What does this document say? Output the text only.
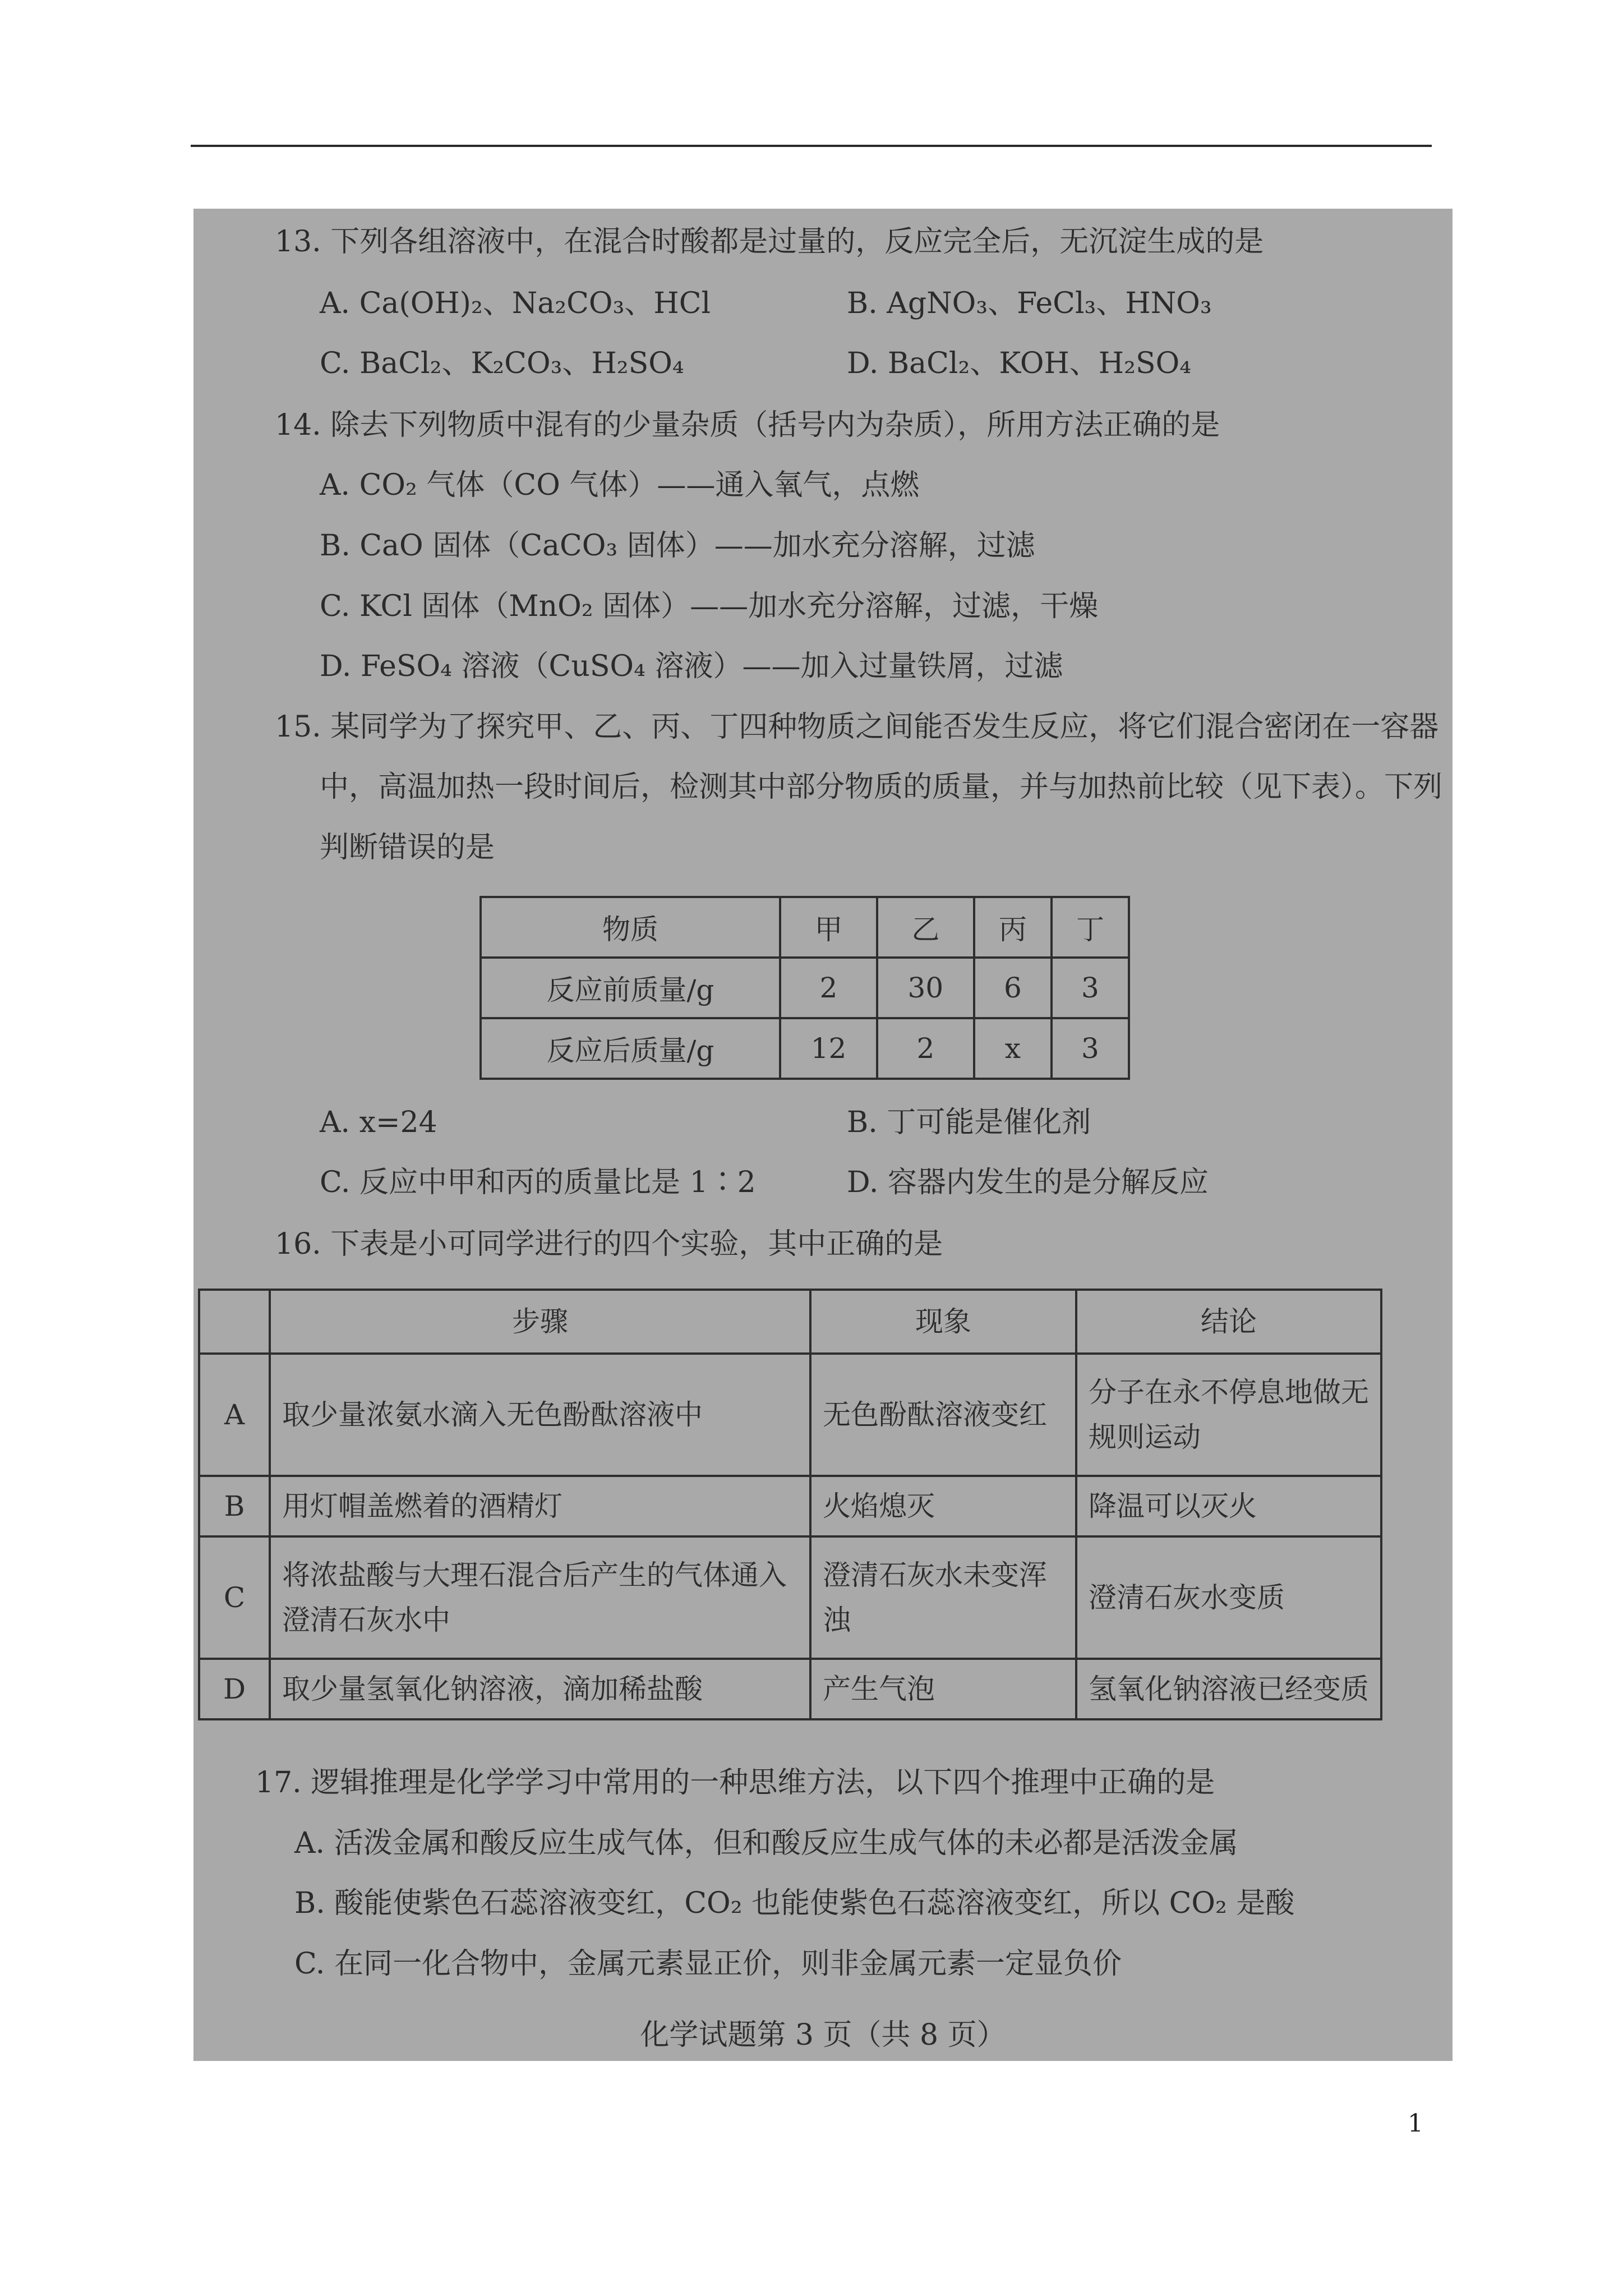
13. 下列各组溶液中，在混合时酸都是过量的，反应完全后，无沉淀生成的是
A. Ca(OH)₂、Na₂CO₃、HCl	B. AgNO₃、FeCl₃、HNO₃
C. BaCl₂、K₂CO₃、H₂SO₄	D. BaCl₂、KOH、H₂SO₄
14. 除去下列物质中混有的少量杂质（括号内为杂质），所用方法正确的是
A. CO₂ 气体（CO 气体）——通入氧气，点燃
B. CaO 固体（CaCO₃ 固体）——加水充分溶解，过滤
C. KCl 固体（MnO₂ 固体）——加水充分溶解，过滤，干燥
D. FeSO₄ 溶液（CuSO₄ 溶液）——加入过量铁屑，过滤
15. 某同学为了探究甲、乙、丙、丁四种物质之间能否发生反应，将它们混合密闭在一容器
中，高温加热一段时间后，检测其中部分物质的质量，并与加热前比较（见下表）。下列
判断错误的是
物质	甲	乙	丙	丁
反应前质量/g	2	30	6	3
反应后质量/g	12	2	x	3
A. x=24	B. 丁可能是催化剂
C. 反应中甲和丙的质量比是 1∶2	D. 容器内发生的是分解反应
16. 下表是小可同学进行的四个实验，其中正确的是
	步骤	现象	结论
A	取少量浓氨水滴入无色酚酞溶液中	无色酚酞溶液变红	分子在永不停息地做无规则运动
B	用灯帽盖燃着的酒精灯	火焰熄灭	降温可以灭火
C	将浓盐酸与大理石混合后产生的气体通入澄清石灰水中	澄清石灰水未变浑浊	澄清石灰水变质
D	取少量氢氧化钠溶液，滴加稀盐酸	产生气泡	氢氧化钠溶液已经变质
17. 逻辑推理是化学学习中常用的一种思维方法，以下四个推理中正确的是
A. 活泼金属和酸反应生成气体，但和酸反应生成气体的未必都是活泼金属
B. 酸能使紫色石蕊溶液变红，CO₂ 也能使紫色石蕊溶液变红，所以 CO₂ 是酸
C. 在同一化合物中，金属元素显正价，则非金属元素一定显负价
化学试题第 3 页（共 8 页）
1
